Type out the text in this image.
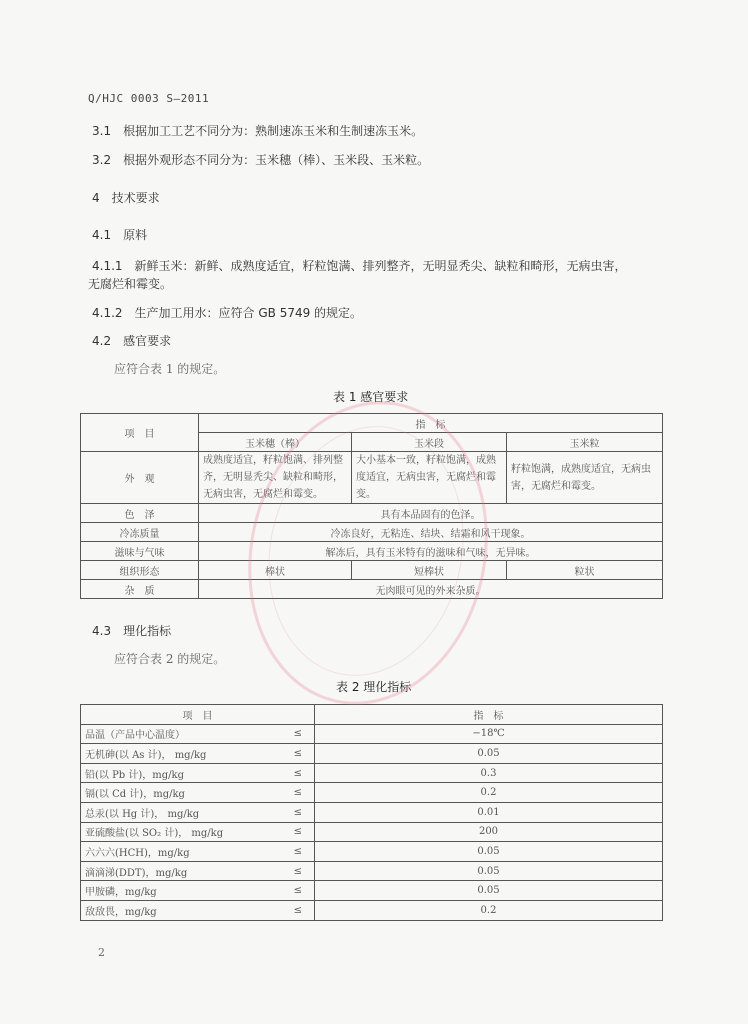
Q/HJC 0003 S—2011
3.1　根据加工工艺不同分为：熟制速冻玉米和生制速冻玉米。
3.2　根据外观形态不同分为：玉米穗（棒）、玉米段、玉米粒。
4　技术要求
4.1　原料
4.1.1　新鲜玉米：新鲜、成熟度适宜，籽粒饱满、排列整齐，无明显秃尖、缺粒和畸形，无病虫害，
无腐烂和霉变。
4.1.2　生产加工用水：应符合 GB 5749 的规定。
4.2　感官要求
应符合表 1 的规定。
表 1 感官要求
项　目	指　标		
	玉米穗（棒）	玉米段	玉米粒
外　观	成熟度适宜，籽粒饱满、排列整齐，无明显秃尖、缺粒和畸形，无病虫害，无腐烂和霉变。	大小基本一致，籽粒饱满，成熟度适宜，无病虫害，无腐烂和霉变。	籽粒饱满，成熟度适宜，无病虫害，无腐烂和霉变。
色　泽	具有本品固有的色泽。		
冷冻质量	冷冻良好，无粘连、结块、结霜和风干现象。		
滋味与气味	解冻后，具有玉米特有的滋味和气味，无异味。		
组织形态	棒状	短棒状	粒状
杂　质	无肉眼可见的外来杂质。		
4.3　理化指标
应符合表 2 的规定。
表 2 理化指标
项　目		指　标
品温（产品中心温度）	≤	−18℃
无机砷(以 As 计)， mg/kg	≤	0.05
铅(以 Pb 计)，mg/kg	≤	0.3
镉(以 Cd 计)，mg/kg	≤	0.2
总汞(以 Hg 计)， mg/kg	≤	0.01
亚硫酸盐(以 SO₂ 计)， mg/kg	≤	200
六六六(HCH)，mg/kg	≤	0.05
滴滴涕(DDT)，mg/kg	≤	0.05
甲胺磷，mg/kg	≤	0.05
敌敌畏，mg/kg	≤	0.2
2
